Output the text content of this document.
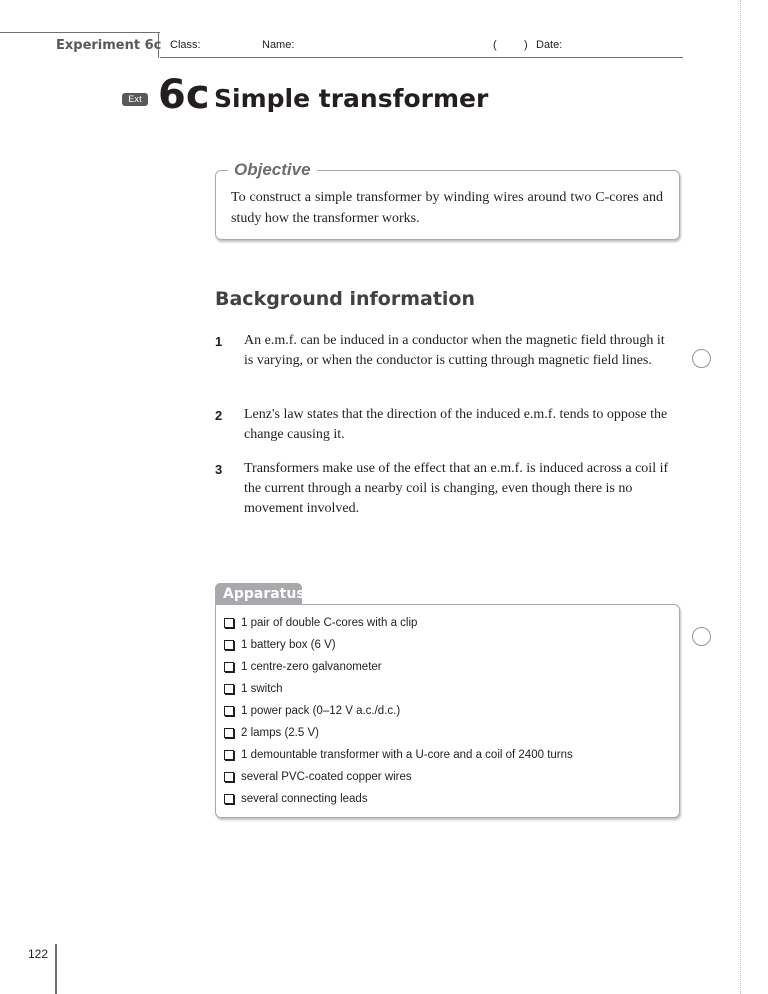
Experiment 6c Class:	Name:	( ) Date:
Ext 6c Simple transformer
Objective
To construct a simple transformer by winding wires around two C-cores and study how the transformer works.
Background information
1 An e.m.f. can be induced in a conductor when the magnetic field through it is varying, or when the conductor is cutting through magnetic field lines.
2 Lenz's law states that the direction of the induced e.m.f. tends to oppose the change causing it.
3 Transformers make use of the effect that an e.m.f. is induced across a coil if the current through a nearby coil is changing, even though there is no movement involved.
Apparatus
1 pair of double C-cores with a clip
1 battery box (6 V)
1 centre-zero galvanometer
1 switch
1 power pack (0–12 V a.c./d.c.)
2 lamps (2.5 V)
1 demountable transformer with a U-core and a coil of 2400 turns
several PVC-coated copper wires
several connecting leads
122
